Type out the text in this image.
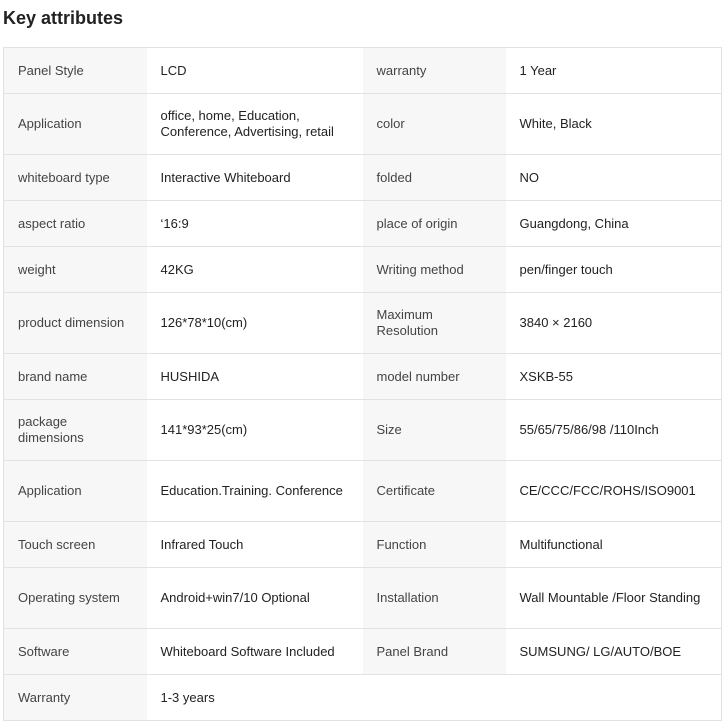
Key attributes
Panel Style	LCD	warranty	1 Year
Application	office, home, Education, Conference, Advertising, retail	color	White, Black
whiteboard type	Interactive Whiteboard	folded	NO
aspect ratio	‘16:9	place of origin	Guangdong, China
weight	42KG	Writing method	pen/finger touch
product dimension	126*78*10(cm)	Maximum Resolution	3840 × 2160
brand name	HUSHIDA	model number	XSKB-55
package dimensions	141*93*25(cm)	Size	55/65/75/86/98 /110Inch
Application	Education.Training. Conference	Certificate	CE/CCC/FCC/ROHS/ISO9001
Touch screen	Infrared Touch	Function	Multifunctional
Operating system	Android+win7/10 Optional	Installation	Wall Mountable /Floor Standing
Software	Whiteboard Software Included	Panel Brand	SUMSUNG/ LG/AUTO/BOE
Warranty	1-3 years		
